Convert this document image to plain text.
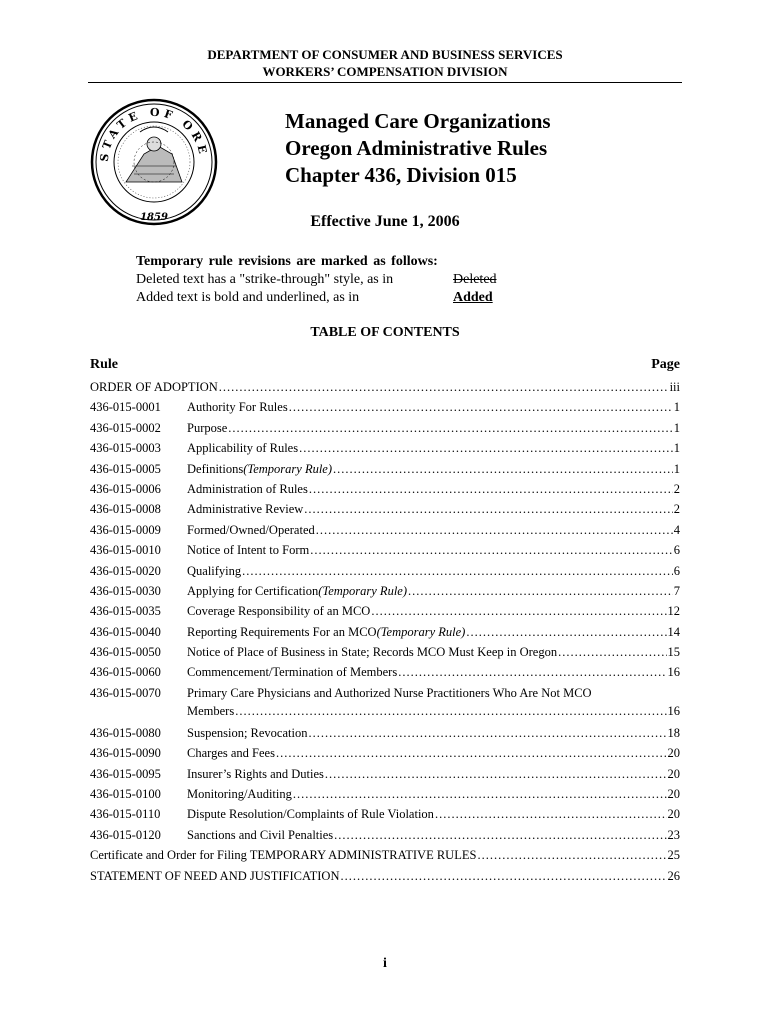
DEPARTMENT OF CONSUMER AND BUSINESS SERVICES
WORKERS’ COMPENSATION DIVISION
STATE OF ORE
1859
Managed Care Organizations
Oregon Administrative Rules
Chapter 436, Division 015
Effective June 1, 2006
Temporary rule revisions are marked as follows:
Deleted text has a "strike-through" style, as in	Deleted
Added text is bold and underlined, as in	Added
TABLE OF CONTENTS
Rule	Page
ORDER OF ADOPTION .....	iii
436-015-0001	Authority For Rules .....	1
436-015-0002	Purpose .....	1
436-015-0003	Applicability of Rules .....	1
436-015-0005	Definitions (Temporary Rule) .....	1
436-015-0006	Administration of Rules .....	2
436-015-0008	Administrative Review .....	2
436-015-0009	Formed/Owned/Operated .....	4
436-015-0010	Notice of Intent to Form .....	6
436-015-0020	Qualifying .....	6
436-015-0030	Applying for Certification (Temporary Rule) .....	7
436-015-0035	Coverage Responsibility of an MCO .....	12
436-015-0040	Reporting Requirements For an MCO (Temporary Rule) .....	14
436-015-0050	Notice of Place of Business in State; Records MCO Must Keep in Oregon .....	15
436-015-0060	Commencement/Termination of Members .....	16
436-015-0070	Primary Care Physicians and Authorized Nurse Practitioners Who Are Not MCO
Members .....	16
436-015-0080	Suspension; Revocation .....	18
436-015-0090	Charges and Fees .....	20
436-015-0095	Insurer’s Rights and Duties .....	20
436-015-0100	Monitoring/Auditing .....	20
436-015-0110	Dispute Resolution/Complaints of Rule Violation .....	20
436-015-0120	Sanctions and Civil Penalties .....	23
Certificate and Order for Filing TEMPORARY ADMINISTRATIVE RULES .....	25
STATEMENT OF NEED AND JUSTIFICATION .....	26
i
